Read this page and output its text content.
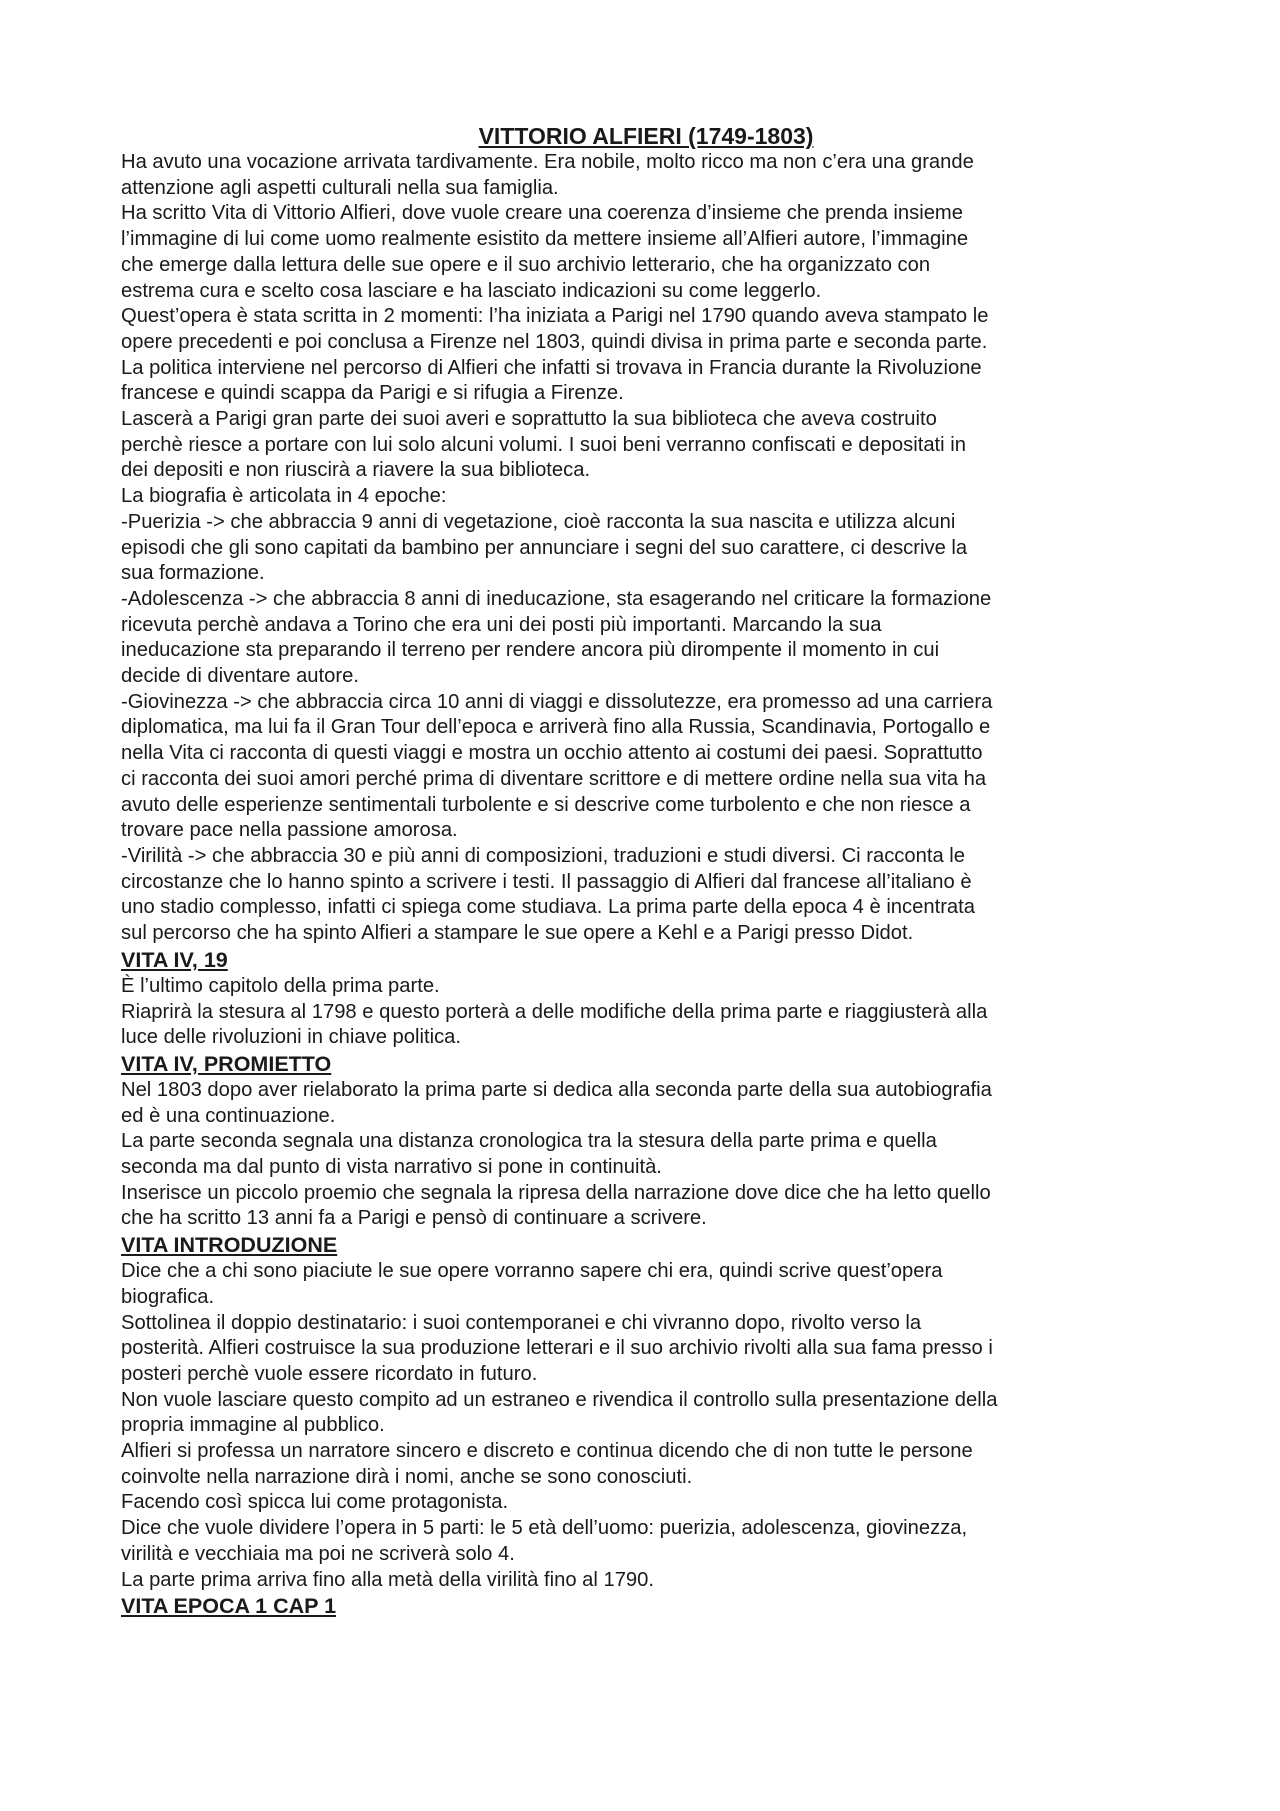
VITTORIO ALFIERI (1749-1803)

Ha avuto una vocazione arrivata tardivamente. Era nobile, molto ricco ma non c’era una grande
attenzione agli aspetti culturali nella sua famiglia.

Ha scritto Vita di Vittorio Alfieri, dove vuole creare una coerenza d’insieme che prenda insieme
l’immagine di lui come uomo realmente esistito da mettere insieme all’Alfieri autore, l’immagine
che emerge dalla lettura delle sue opere e il suo archivio letterario, che ha organizzato con
estrema cura e scelto cosa lasciare e ha lasciato indicazioni su come leggerlo.

Quest’opera è stata scritta in 2 momenti: l’ha iniziata a Parigi nel 1790 quando aveva stampato le
opere precedenti e poi conclusa a Firenze nel 1803, quindi divisa in prima parte e seconda parte.

La politica interviene nel percorso di Alfieri che infatti si trovava in Francia durante la Rivoluzione
francese e quindi scappa da Parigi e si rifugia a Firenze.

Lascerà a Parigi gran parte dei suoi averi e soprattutto la sua biblioteca che aveva costruito
perchè riesce a portare con lui solo alcuni volumi. I suoi beni verranno confiscati e depositati in
dei depositi e non riuscirà a riavere la sua biblioteca.

La biografia è articolata in 4 epoche:

-Puerizia -> che abbraccia 9 anni di vegetazione, cioè racconta la sua nascita e utilizza alcuni
episodi che gli sono capitati da bambino per annunciare i segni del suo carattere, ci descrive la
sua formazione.

-Adolescenza -> che abbraccia 8 anni di ineducazione, sta esagerando nel criticare la formazione
ricevuta perchè andava a Torino che era uni dei posti più importanti. Marcando la sua
ineducazione sta preparando il terreno per rendere ancora più dirompente il momento in cui
decide di diventare autore.

-Giovinezza -> che abbraccia circa 10 anni di viaggi e dissolutezze, era promesso ad una carriera
diplomatica, ma lui fa il Gran Tour dell’epoca e arriverà fino alla Russia, Scandinavia, Portogallo e
nella Vita ci racconta di questi viaggi e mostra un occhio attento ai costumi dei paesi. Soprattutto
ci racconta dei suoi amori perché prima di diventare scrittore e di mettere ordine nella sua vita ha
avuto delle esperienze sentimentali turbolente e si descrive come turbolento e che non riesce a
trovare pace nella passione amorosa.

-Virilità -> che abbraccia 30 e più anni di composizioni, traduzioni e studi diversi. Ci racconta le
circostanze che lo hanno spinto a scrivere i testi. Il passaggio di Alfieri dal francese all’italiano è
uno stadio complesso, infatti ci spiega come studiava. La prima parte della epoca 4 è incentrata
sul percorso che ha spinto Alfieri a stampare le sue opere a Kehl e a Parigi presso Didot.

VITA IV, 19

È l’ultimo capitolo della prima parte.

Riaprirà la stesura al 1798 e questo porterà a delle modifiche della prima parte e riaggiusterà alla
luce delle rivoluzioni in chiave politica.

VITA IV, PROMIETTO

Nel 1803 dopo aver rielaborato la prima parte si dedica alla seconda parte della sua autobiografia
ed è una continuazione.

La parte seconda segnala una distanza cronologica tra la stesura della parte prima e quella
seconda ma dal punto di vista narrativo si pone in continuità.

Inserisce un piccolo proemio che segnala la ripresa della narrazione dove dice che ha letto quello
che ha scritto 13 anni fa a Parigi e pensò di continuare a scrivere.

VITA INTRODUZIONE

Dice che a chi sono piaciute le sue opere vorranno sapere chi era, quindi scrive quest’opera
biografica.

Sottolinea il doppio destinatario: i suoi contemporanei e chi vivranno dopo, rivolto verso la
posterità. Alfieri costruisce la sua produzione letterari e il suo archivio rivolti alla sua fama presso i
posteri perchè vuole essere ricordato in futuro.

Non vuole lasciare questo compito ad un estraneo e rivendica il controllo sulla presentazione della
propria immagine al pubblico.

Alfieri si professa un narratore sincero e discreto e continua dicendo che di non tutte le persone
coinvolte nella narrazione dirà i nomi, anche se sono conosciuti.

Facendo così spicca lui come protagonista.

Dice che vuole dividere l’opera in 5 parti: le 5 età dell’uomo: puerizia, adolescenza, giovinezza,
virilità e vecchiaia ma poi ne scriverà solo 4.

La parte prima arriva fino alla metà della virilità fino al 1790.

VITA EPOCA 1 CAP 1
